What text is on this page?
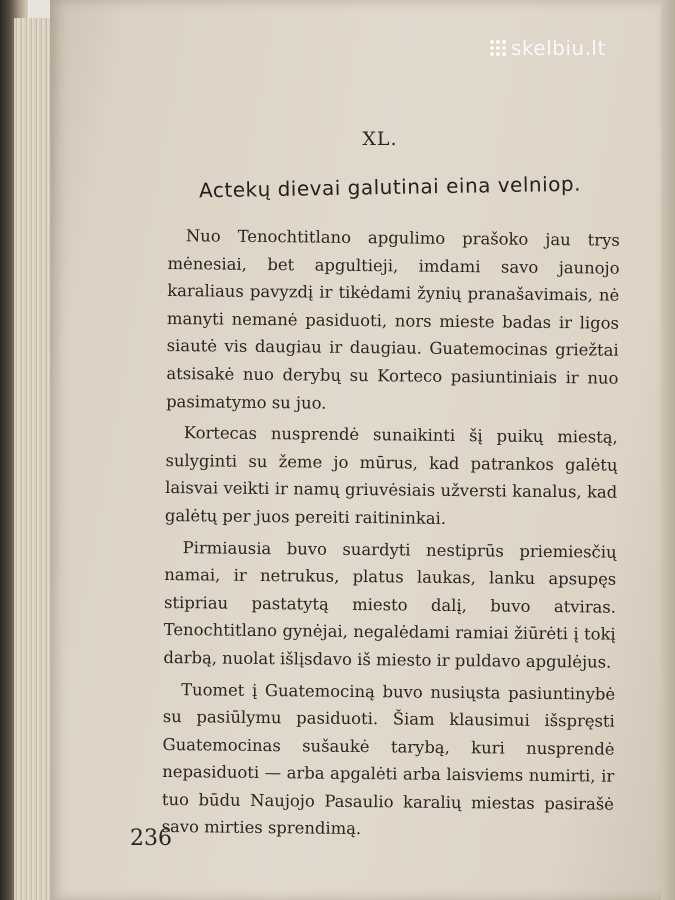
skelbiu.lt
XL.
Actekų dievai galutinai eina velniop.

Nuo Tenochtitlano apgulimo prašoko jau trys mėnesiai, bet apgultieji, imdami savo jaunojo karaliaus pavyzdį ir tikėdami žynių pranašavimais, nė manyti nemanė pasiduoti, nors mieste badas ir ligos siautė vis daugiau ir daugiau. Guatemocinas griežtai atsisakė nuo derybų su Korteco pasiuntiniais ir nuo pasimatymo su juo.

Kortecas nusprendė sunaikinti šį puikų miestą, sulyginti su žeme jo mūrus, kad patrankos galėtų laisvai veikti ir namų griuvėsiais užversti kanalus, kad galėtų per juos pereiti raitininkai.

Pirmiausia buvo suardyti nestiprūs priemiesčių namai, ir netrukus, platus laukas, lanku apsupęs stipriau pastatytą miesto dalį, buvo atviras. Tenochtitlano gynėjai, negalėdami ramiai žiūrėti į tokį darbą, nuolat išlįsdavo iš miesto ir puldavo apgulėjus.

Tuomet į Guatemociną buvo nusiųsta pasiuntinybė su pasiūlymu pasiduoti. Šiam klausimui išspręsti Guatemocinas sušaukė tarybą, kuri nusprendė nepasiduoti — arba apgalėti arba laisviems numirti, ir tuo būdu Naujojo Pasaulio karalių miestas pasirašė savo mirties sprendimą.

236
